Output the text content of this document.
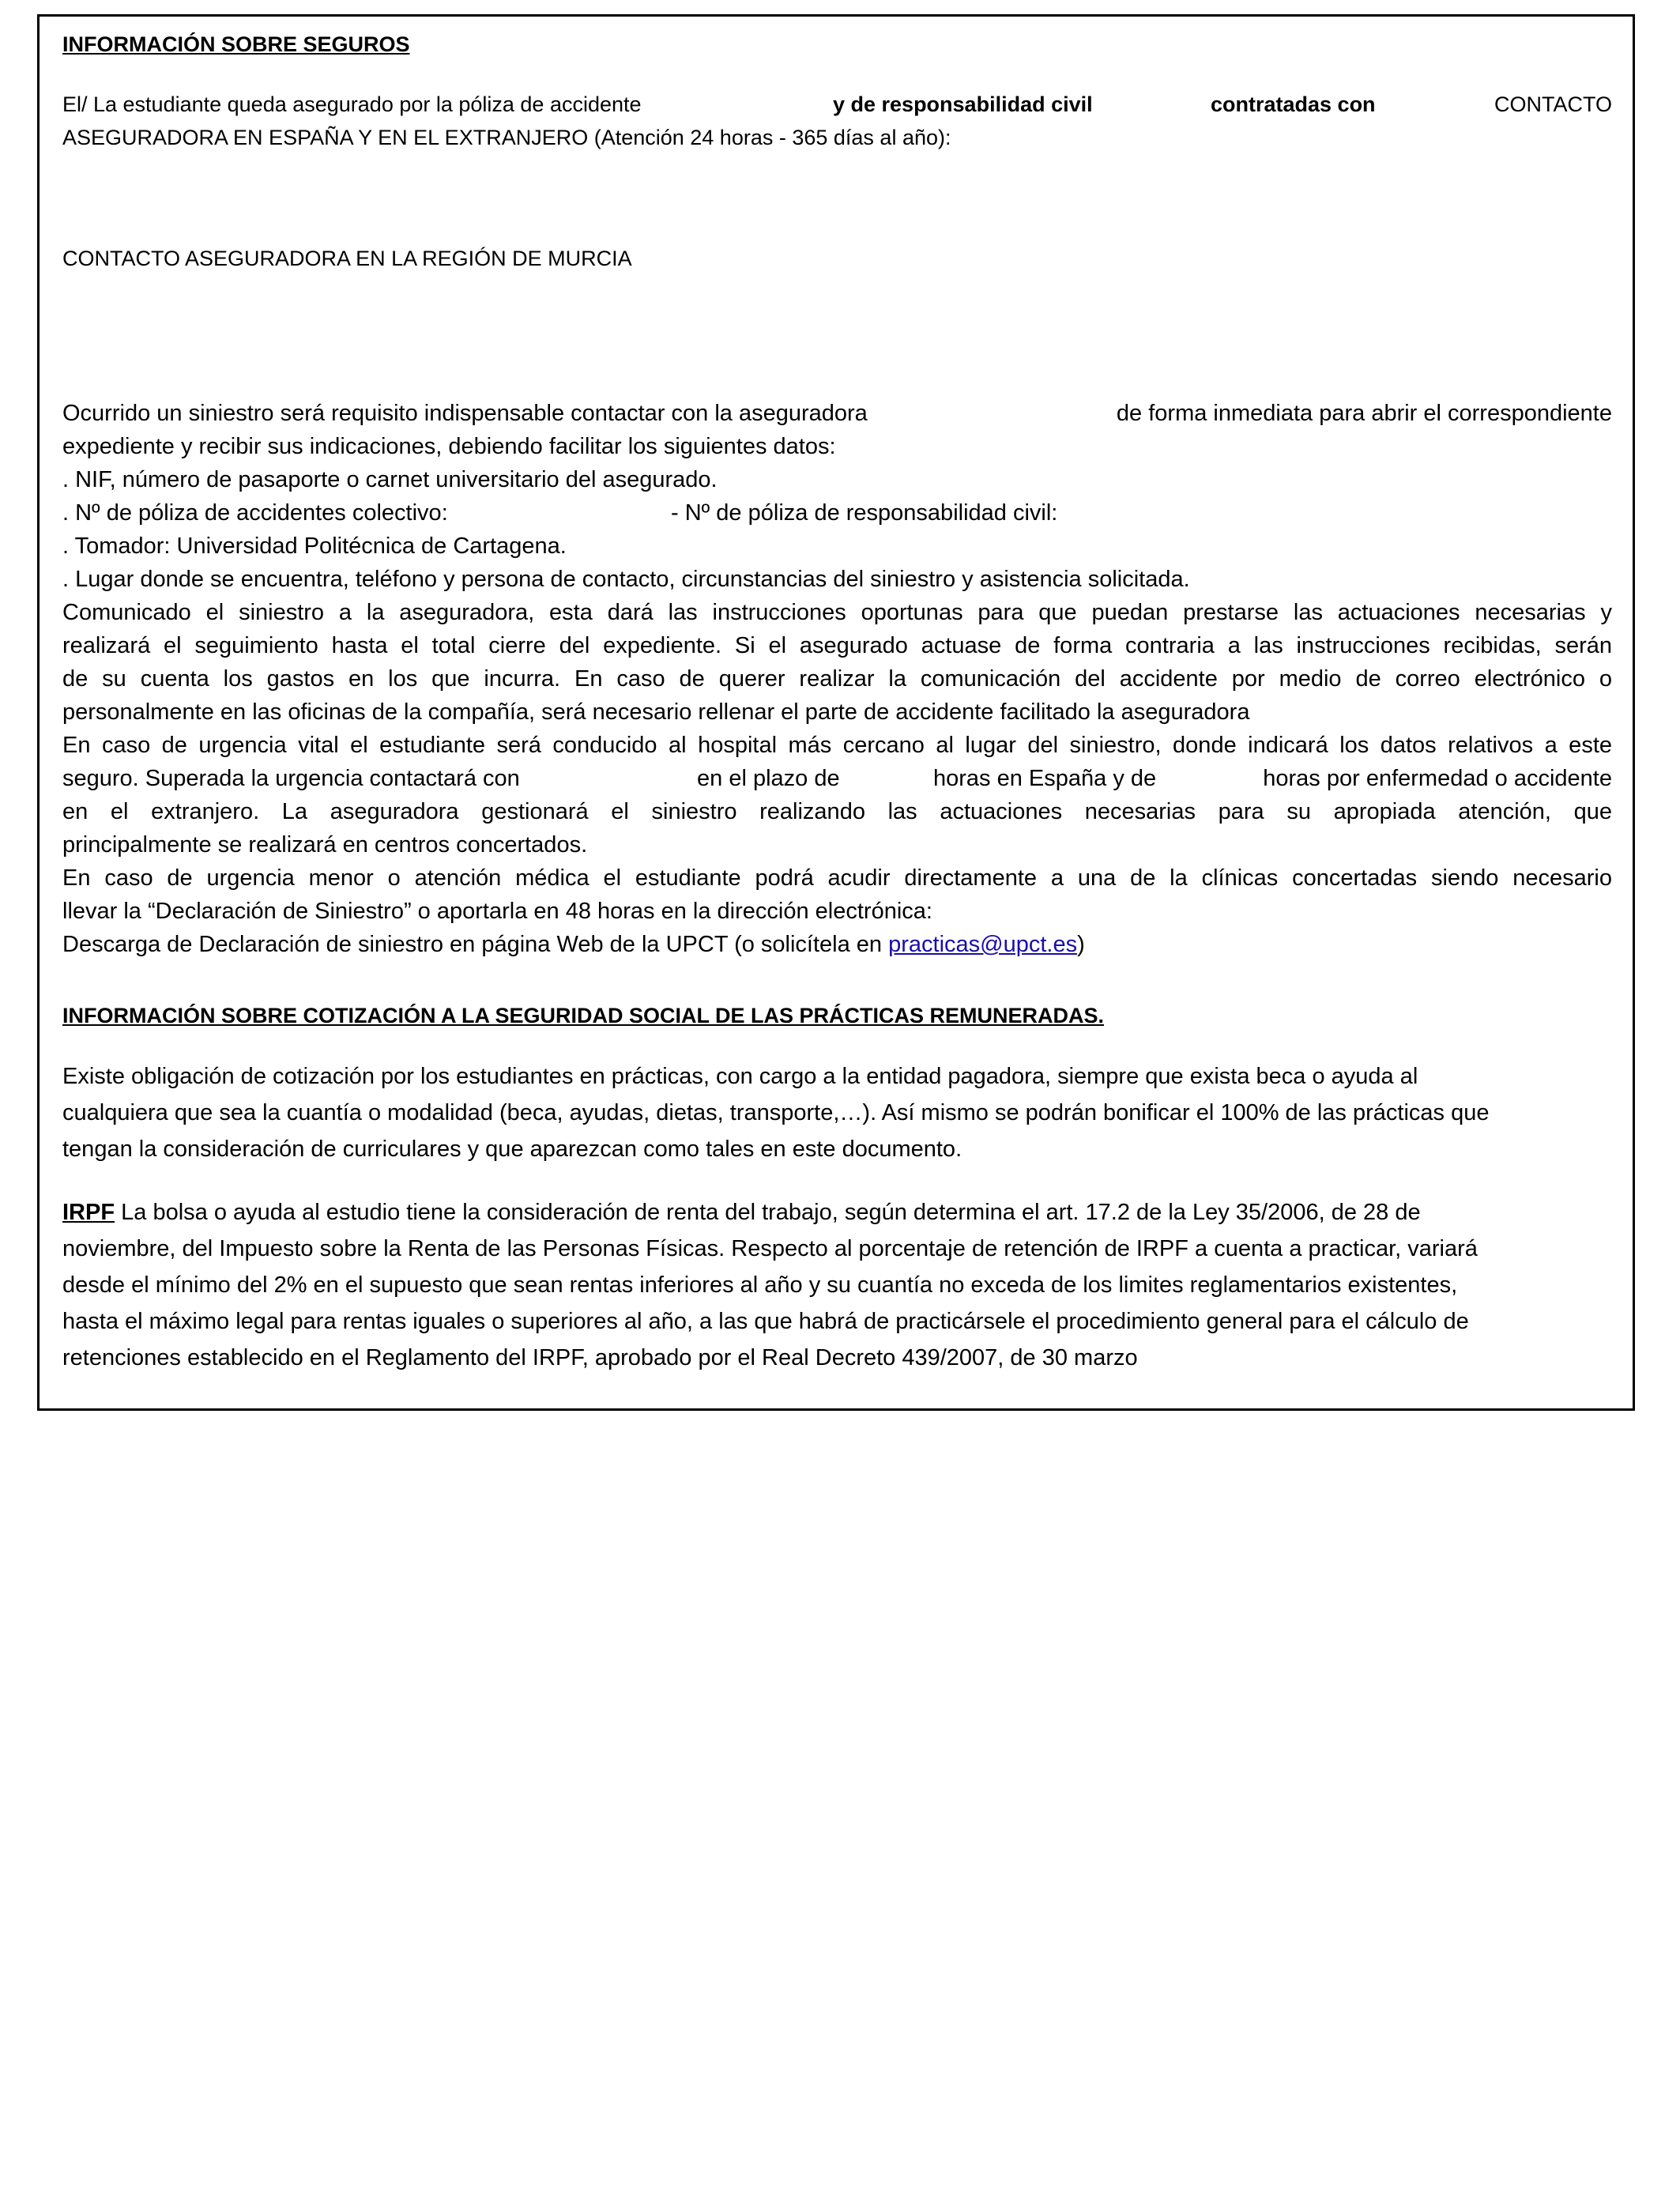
INFORMACIÓN SOBRE SEGUROS
El/ La estudiante queda asegurado por la póliza de accidente	y de responsabilidad civil	contratadas con	CONTACTO
ASEGURADORA EN ESPAÑA Y EN EL EXTRANJERO (Atención 24 horas - 365 días al año):
CONTACTO ASEGURADORA EN LA REGIÓN DE MURCIA
Ocurrido un siniestro será requisito indispensable contactar con la aseguradora	de forma inmediata para abrir el correspondiente
expediente y recibir sus indicaciones, debiendo facilitar los siguientes datos:
. NIF, número de pasaporte o carnet universitario del asegurado.
. Nº de póliza de accidentes colectivo:	- Nº de póliza de responsabilidad civil:
. Tomador: Universidad Politécnica de Cartagena.
. Lugar donde se encuentra, teléfono y persona de contacto, circunstancias del siniestro y asistencia solicitada.
Comunicado el siniestro a la aseguradora, esta dará las instrucciones oportunas para que puedan prestarse las actuaciones necesarias y
realizará el seguimiento hasta el total cierre del expediente. Si el asegurado actuase de forma contraria a las instrucciones recibidas, serán
de su cuenta los gastos en los que incurra. En caso de querer realizar la comunicación del accidente por medio de correo electrónico o
personalmente en las oficinas de la compañía, será necesario rellenar el parte de accidente facilitado la aseguradora
En caso de urgencia vital el estudiante será conducido al hospital más cercano al lugar del siniestro, donde indicará los datos relativos a este
seguro. Superada la urgencia contactará con	en el plazo de	horas en España y de	horas por enfermedad o accidente
en el extranjero. La aseguradora gestionará el siniestro realizando las actuaciones necesarias para su apropiada atención, que
principalmente se realizará en centros concertados.
En caso de urgencia menor o atención médica el estudiante podrá acudir directamente a una de la clínicas concertadas siendo necesario
llevar la “Declaración de Siniestro” o aportarla en 48 horas en la dirección electrónica:
Descarga de Declaración de siniestro en página Web de la UPCT (o solicítela en practicas@upct.es)
INFORMACIÓN SOBRE COTIZACIÓN A LA SEGURIDAD SOCIAL DE LAS PRÁCTICAS REMUNERADAS.
Existe obligación de cotización por los estudiantes en prácticas, con cargo a la entidad pagadora, siempre que exista beca o ayuda al
cualquiera que sea la cuantía o modalidad (beca, ayudas, dietas, transporte,…). Así mismo se podrán bonificar el 100% de las prácticas que
tengan la consideración de curriculares y que aparezcan como tales en este documento.
IRPF La bolsa o ayuda al estudio tiene la consideración de renta del trabajo, según determina el art. 17.2 de la Ley 35/2006, de 28 de
noviembre, del Impuesto sobre la Renta de las Personas Físicas. Respecto al porcentaje de retención de IRPF a cuenta a practicar, variará
desde el mínimo del 2% en el supuesto que sean rentas inferiores al año y su cuantía no exceda de los limites reglamentarios existentes,
hasta el máximo legal para rentas iguales o superiores al año, a las que habrá de practicársele el procedimiento general para el cálculo de
retenciones establecido en el Reglamento del IRPF, aprobado por el Real Decreto 439/2007, de 30 marzo
